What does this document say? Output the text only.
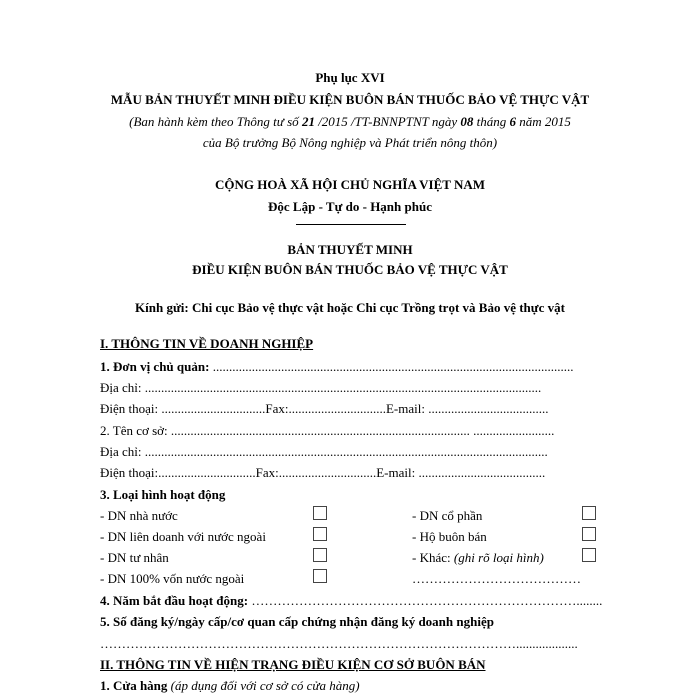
Phụ lục XVI
MẪU BẢN THUYẾT MINH ĐIỀU KIỆN BUÔN BÁN THUỐC BẢO VỆ THỰC VẬT
(Ban hành kèm theo Thông tư số 21 /2015 /TT-BNNPTNT ngày 08 tháng 6 năm 2015
của Bộ trưởng Bộ Nông nghiệp và Phát triển nông thôn)
CỘNG HOÀ XÃ HỘI CHỦ NGHĨA VIỆT NAM
Độc Lập - Tự do - Hạnh phúc
BẢN THUYẾT MINH
ĐIỀU KIỆN BUÔN BÁN THUỐC BẢO VỆ THỰC VẬT
Kính gửi: Chi cục Bảo vệ thực vật hoặc Chi cục Trồng trọt và Bảo vệ thực vật
I. THÔNG TIN VỀ DOANH NGHIỆP
1. Đơn vị chủ quản: ...............................................................................................................
Địa chỉ: ..........................................................................................................................
Điện thoại: ................................Fax:..............................E-mail: .....................................
2. Tên cơ sở: ............................................................................................ .........................
Địa chỉ: ............................................................................................................................
Điện thoại:..............................Fax:..............................E-mail: .......................................
3. Loại hình hoạt động
- DN nhà nước
- DN liên doanh với nước ngoài
- DN tư nhân
- DN 100% vốn nước ngoài
- DN cổ phần
- Hộ buôn bán
- Khác: (ghi rõ loại hình)
…………………………………
4. Năm bắt đầu hoạt động: …………………………………………………………………........
5. Số đăng ký/ngày cấp/cơ quan cấp chứng nhận đăng ký doanh nghiệp
……………………………………………………………………………………...................
II. THÔNG TIN VỀ HIỆN TRẠNG ĐIỀU KIỆN CƠ SỞ BUÔN BÁN
1. Cửa hàng (áp dụng đối với cơ sở có cửa hàng)
